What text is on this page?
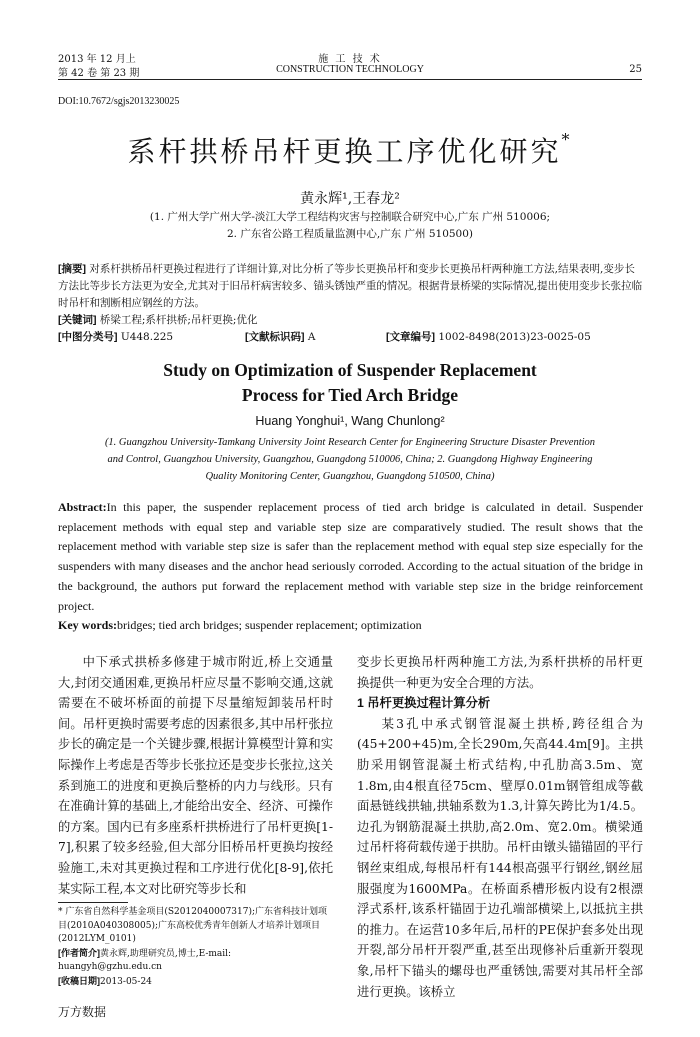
2013 年 12 月上
第 42 卷 第 23 期
施 工 技 术
CONSTRUCTION TECHNOLOGY	25
DOI:10.7672/sgjs2013230025
系杆拱桥吊杆更换工序优化研究*
黄永辉¹,王春龙²
(1. 广州大学广州大学-淡江大学工程结构灾害与控制联合研究中心,广东 广州 510006;
2. 广东省公路工程质量监测中心,广东 广州 510500)
[摘要] 对系杆拱桥吊杆更换过程进行了详细计算,对比分析了等步长更换吊杆和变步长更换吊杆两种施工方法,结果表明,变步长方法比等步长方法更为安全,尤其对于旧吊杆病害较多、锚头锈蚀严重的情况。根据背景桥梁的实际情况,提出使用变步长张拉临时吊杆和割断相应钢丝的方法。
[关键词] 桥梁工程;系杆拱桥;吊杆更换;优化
[中图分类号] U448.225	[文献标识码] A	[文章编号] 1002-8498(2013)23-0025-05
Study on Optimization of Suspender Replacement
Process for Tied Arch Bridge
Huang Yonghui¹, Wang Chunlong²
(1. Guangzhou University-Tamkang University Joint Research Center for Engineering Structure Disaster Prevention
and Control, Guangzhou University, Guangzhou, Guangdong 510006, China; 2. Guangdong Highway Engineering
Quality Monitoring Center, Guangzhou, Guangdong 510500, China)
Abstract:In this paper, the suspender replacement process of tied arch bridge is calculated in detail. Suspender replacement methods with equal step and variable step size are comparatively studied. The result shows that the replacement method with variable step size is safer than the replacement method with equal step size especially for the suspenders with many diseases and the anchor head seriously corroded. According to the actual situation of the bridge in the background, the authors put forward the replacement method with variable step size in the bridge reinforcement project.
Key words:bridges; tied arch bridges; suspender replacement; optimization

中下承式拱桥多修建于城市附近,桥上交通量大,封闭交通困难,更换吊杆应尽量不影响交通,这就需要在不破坏桥面的前提下尽量缩短卸装吊杆时间。吊杆更换时需要考虑的因素很多,其中吊杆张拉步长的确定是一个关键步骤,根据计算模型计算和实际操作上考虑是否等步长张拉还是变步长张拉,这关系到施工的进度和更换后整桥的内力与线形。只有在准确计算的基础上,才能给出安全、经济、可操作的方案。国内已有多座系杆拱桥进行了吊杆更换[1-7],积累了较多经验,但大部分旧桥吊杆更换均按经验施工,未对其更换过程和工序进行优化[8-9],依托某实际工程,本文对比研究等步长和

* 广东省自然科学基金项目(S2012040007317);广东省科技计划项目(2010A040308005);广东高校优秀青年创新人才培养计划项目(2012LYM_0101)
[作者简介]黄永辉,助理研究员,博士,E-mail: huangyh@gzhu.edu.cn
[收稿日期]2013-05-24

变步长更换吊杆两种施工方法,为系杆拱桥的吊杆更换提供一种更为安全合理的方法。

1 吊杆更换过程计算分析

某3孔中承式钢管混凝土拱桥,跨径组合为(45+200+45)m,全长290m,矢高44.4m[9]。主拱肋采用钢管混凝土桁式结构,中孔肋高3.5m、宽1.8m,由4根直径75cm、壁厚0.01m钢管组成等截面悬链线拱轴,拱轴系数为1.3,计算矢跨比为1/4.5。边孔为钢筋混凝土拱肋,高2.0m、宽2.0m。横梁通过吊杆将荷载传递于拱肋。吊杆由镦头锚锚固的平行钢丝束组成,每根吊杆有144根高强平行钢丝,钢丝屈服强度为1600MPa。在桥面系槽形板内设有2根漂浮式系杆,该系杆锚固于边孔端部横梁上,以抵抗主拱的推力。在运营10多年后,吊杆的PE保护套多处出现开裂,部分吊杆开裂严重,甚至出现修补后重新开裂现象,吊杆下锚头的螺母也严重锈蚀,需要对其吊杆全部进行更换。该桥立

万方数据
